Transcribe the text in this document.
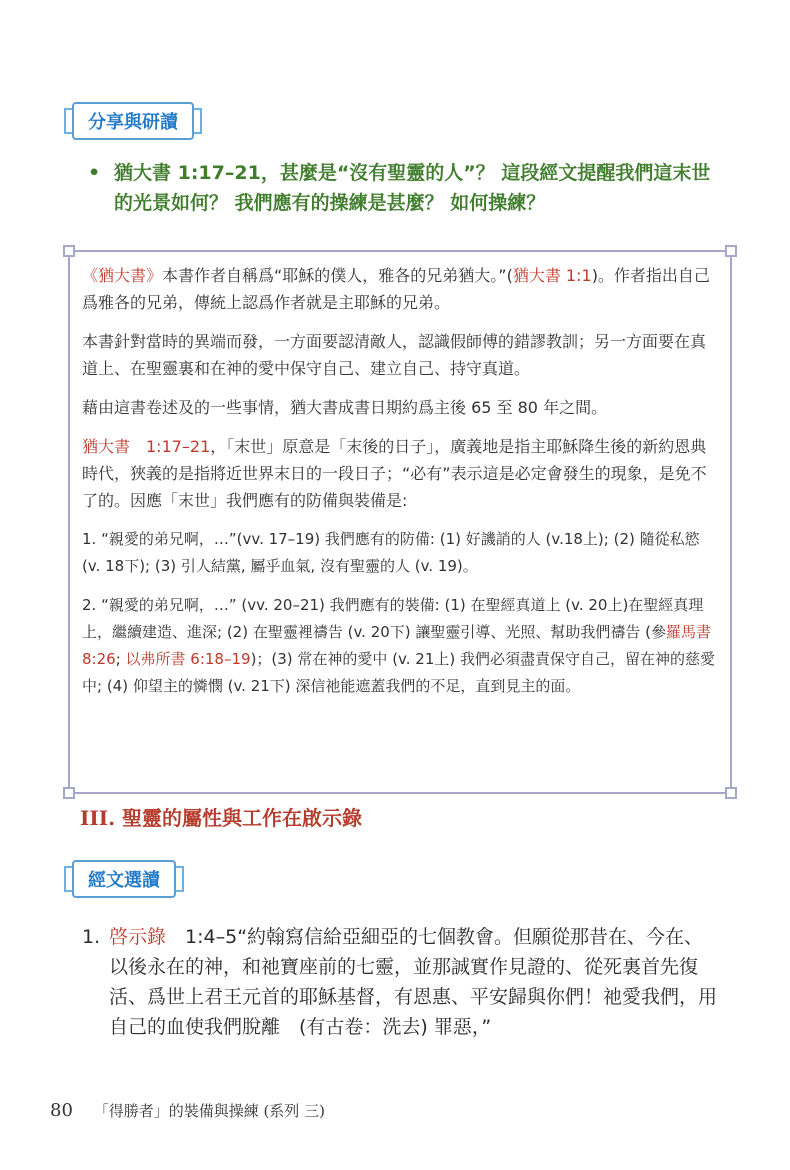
分享與研讀
• 猶大書 1:17–21，甚麼是“沒有聖靈的人”？ 這段經文提醒我們這末世的光景如何？ 我們應有的操練是甚麼？ 如何操練？

《猶大書》本書作者自稱爲“耶穌的僕人，雅各的兄弟猶大。”(猶大書 1:1)。作者指出自己爲雅各的兄弟，傳統上認爲作者就是主耶穌的兄弟。

本書針對當時的異端而發，一方面要認清敵人，認識假師傅的錯謬教訓；另一方面要在真道上、在聖靈裏和在神的愛中保守自己、建立自己、持守真道。

藉由這書卷述及的一些事情，猶大書成書日期約爲主後 65 至 80 年之間。

猶大書　1:17–21，「末世」原意是「末後的日子」，廣義地是指主耶穌降生後的新約恩典時代，狹義的是指將近世界末日的一段日子；“必有”表示這是必定會發生的現象，是免不了的。因應「末世」我們應有的防備與裝備是:

1. “親愛的弟兄啊，…”(vv. 17–19) 我們應有的防備: (1) 好譏誚的人 (v.18上); (2) 隨從私慾 (v. 18下); (3) 引人結黨, 屬乎血氣, 沒有聖靈的人 (v. 19)。

2. “親愛的弟兄啊，…” (vv. 20–21) 我們應有的裝備: (1) 在聖經真道上 (v. 20上)在聖經真理上，繼續建造、進深; (2) 在聖靈裡禱告 (v. 20下) 讓聖靈引導、光照、幫助我們禱告 (參羅馬書 8:26; 以弗所書 6:18–19)；(3) 常在神的愛中 (v. 21上) 我們必須盡責保守自己，留在神的慈愛中; (4) 仰望主的憐憫 (v. 21下) 深信祂能遮蓋我們的不足，直到見主的面。

III. 聖靈的屬性與工作在啟示錄
經文選讀
1. 啓示錄　 1:4–5“約翰寫信給亞細亞的七個教會。但願從那昔在、今在、以後永在的神，和祂寶座前的七靈，並那誠實作見證的、從死裏首先復活、爲世上君王元首的耶穌基督，有恩惠、平安歸與你們！祂愛我們，用自己的血使我們脫離　(有古卷：洗去) 罪惡，”
80 「得勝者」的裝備與操練 (系列 三)
